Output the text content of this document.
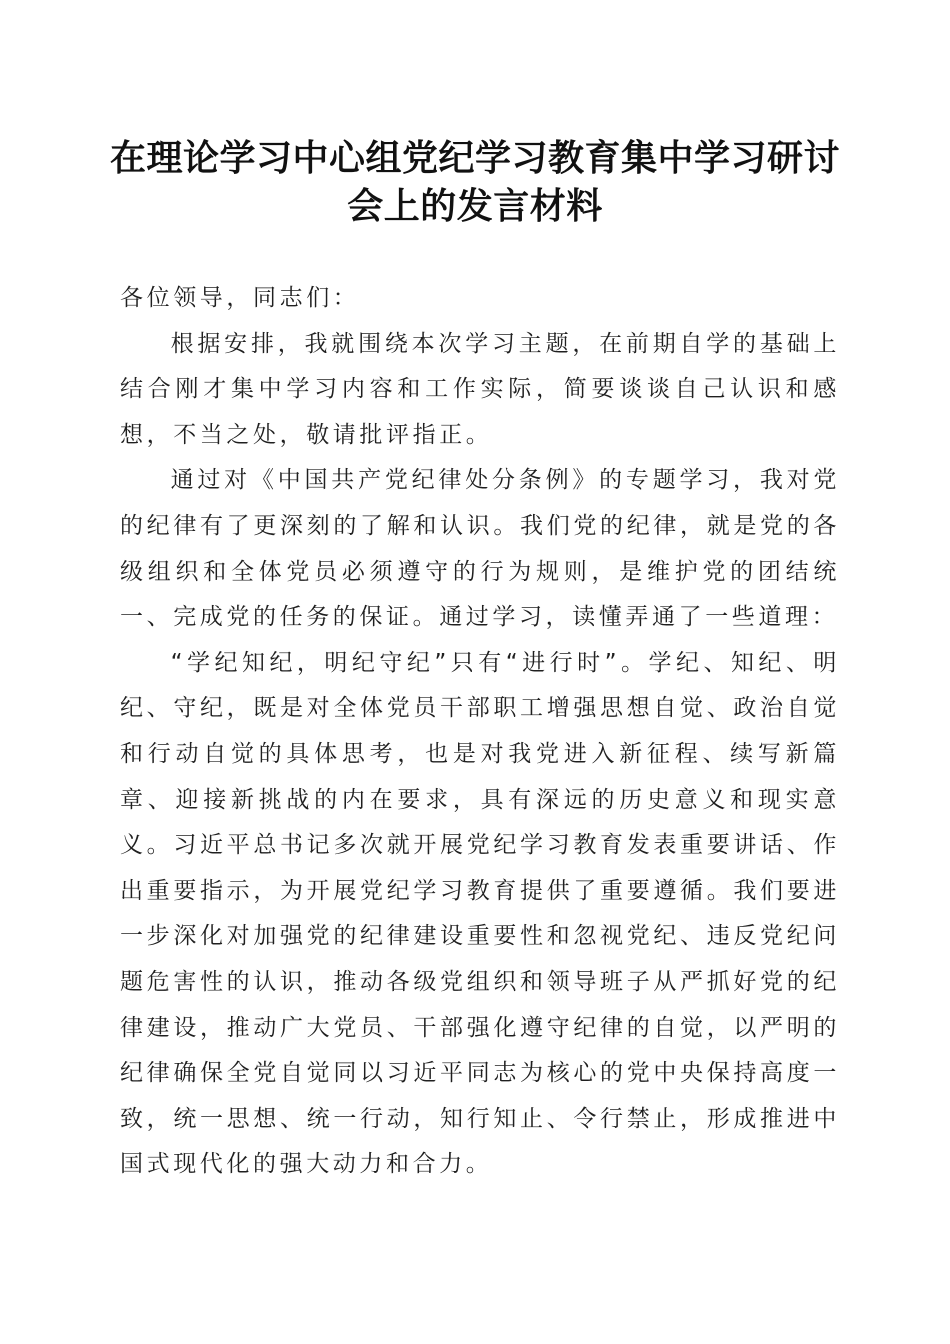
在理论学习中心组党纪学习教育集中学习研讨
会上的发言材料

各位领导，同志们：

根据安排，我就围绕本次学习主题，在前期自学的基础上结合刚才集中学习内容和工作实际，简要谈谈自己认识和感想，不当之处，敬请批评指正。

通过对《中国共产党纪律处分条例》的专题学习，我对党的纪律有了更深刻的了解和认识。我们党的纪律，就是党的各级组织和全体党员必须遵守的行为规则，是维护党的团结统一、完成党的任务的保证。通过学习，读懂弄通了一些道理：

“学纪知纪，明纪守纪”只有“进行时”。学纪、知纪、明纪、守纪，既是对全体党员干部职工增强思想自觉、政治自觉和行动自觉的具体思考，也是对我党进入新征程、续写新篇章、迎接新挑战的内在要求，具有深远的历史意义和现实意义。习近平总书记多次就开展党纪学习教育发表重要讲话、作出重要指示，为开展党纪学习教育提供了重要遵循。我们要进一步深化对加强党的纪律建设重要性和忽视党纪、违反党纪问题危害性的认识，推动各级党组织和领导班子从严抓好党的纪律建设，推动广大党员、干部强化遵守纪律的自觉，以严明的纪律确保全党自觉同以习近平同志为核心的党中央保持高度一致，统一思想、统一行动，知行知止、令行禁止，形成推进中国式现代化的强大动力和合力。
